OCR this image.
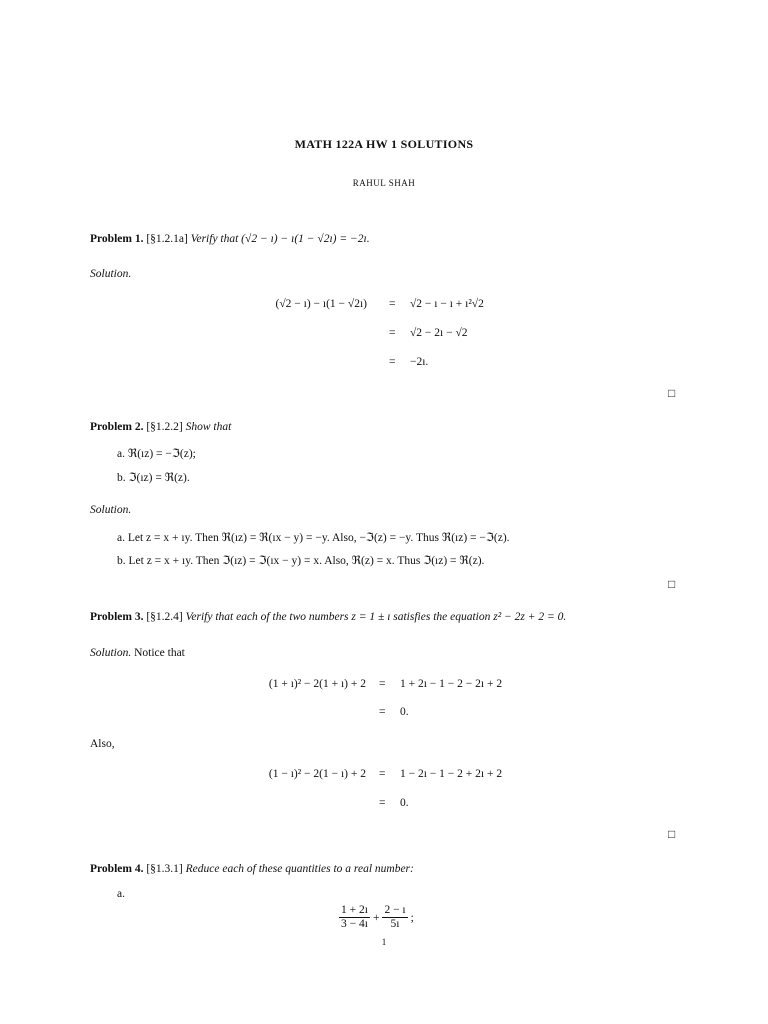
MATH 122A HW 1 SOLUTIONS
RAHUL SHAH
Problem 1. [§1.2.1a] Verify that (√2 − ı) − ı(1 − √2ı) = −2ı.
Solution.
(√2 − ı) − ı(1 − √2ı) = √2 − ı − ı + ı²√2
= √2 − 2ı − √2
= −2ı.
□
Problem 2. [§1.2.2] Show that
a. ℜ(ız) = −ℑ(z);
b. ℑ(ız) = ℜ(z).
Solution.
a. Let z = x + ıy. Then ℜ(ız) = ℜ(ıx − y) = −y. Also, −ℑ(z) = −y. Thus ℜ(ız) = −ℑ(z).
b. Let z = x + ıy. Then ℑ(ız) = ℑ(ıx − y) = x. Also, ℜ(z) = x. Thus ℑ(ız) = ℜ(z).
□
Problem 3. [§1.2.4] Verify that each of the two numbers z = 1 ± ı satisfies the equation z² − 2z + 2 = 0.
Solution. Notice that
(1 + ı)² − 2(1 + ı) + 2 = 1 + 2ı − 1 − 2 − 2ı + 2
= 0.
Also,
(1 − ı)² − 2(1 − ı) + 2 = 1 − 2ı − 1 − 2 + 2ı + 2
= 0.
□
Problem 4. [§1.3.1] Reduce each of these quantities to a real number:
a.
$\frac{1 + 2ı}{3 - 4ı} + \frac{2 - ı}{5ı}$ ;
1
